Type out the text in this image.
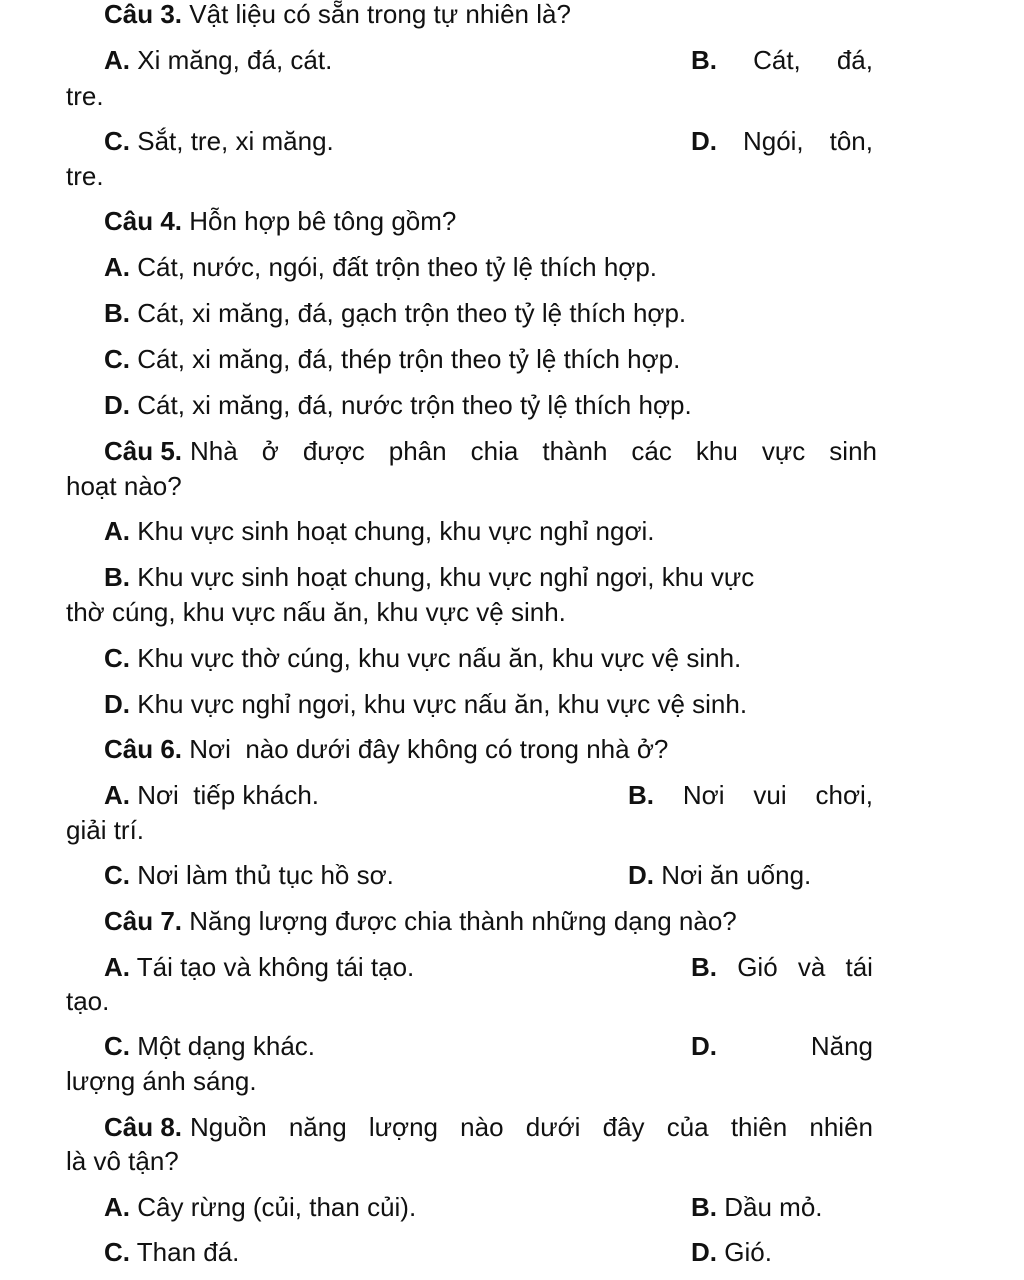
Câu 3. Vật liệu có sẵn trong tự nhiên là?
A. Xi măng, đá, cát.	B. Cát, đá,
tre.
C. Sắt, tre, xi măng.	D. Ngói, tôn,
tre.
Câu 4. Hỗn hợp bê tông gồm?
A. Cát, nước, ngói, đất trộn theo tỷ lệ thích hợp.
B. Cát, xi măng, đá, gạch trộn theo tỷ lệ thích hợp.
C. Cát, xi măng, đá, thép trộn theo tỷ lệ thích hợp.
D. Cát, xi măng, đá, nước trộn theo tỷ lệ thích hợp.
Câu 5. Nhà ở được phân chia thành các khu vực sinh
hoạt nào?
A. Khu vực sinh hoạt chung, khu vực nghỉ ngơi.
B. Khu vực sinh hoạt chung, khu vực nghỉ ngơi, khu vực
thờ cúng, khu vực nấu ăn, khu vực vệ sinh.
C. Khu vực thờ cúng, khu vực nấu ăn, khu vực vệ sinh.
D. Khu vực nghỉ ngơi, khu vực nấu ăn, khu vực vệ sinh.
Câu 6. Nơi  nào dưới đây không có trong nhà ở?
A. Nơi  tiếp khách.	B. Nơi vui chơi,
giải trí.
C. Nơi làm thủ tục hồ sơ.	D. Nơi ăn uống.
Câu 7. Năng lượng được chia thành những dạng nào?
A. Tái tạo và không tái tạo.	B. Gió và tái
tạo.
C. Một dạng khác.	D.	Năng
lượng ánh sáng.
Câu 8. Nguồn năng lượng nào dưới đây của thiên nhiên
là vô tận?
A. Cây rừng (củi, than củi).	B. Dầu mỏ.
C. Than đá.	D. Gió.
